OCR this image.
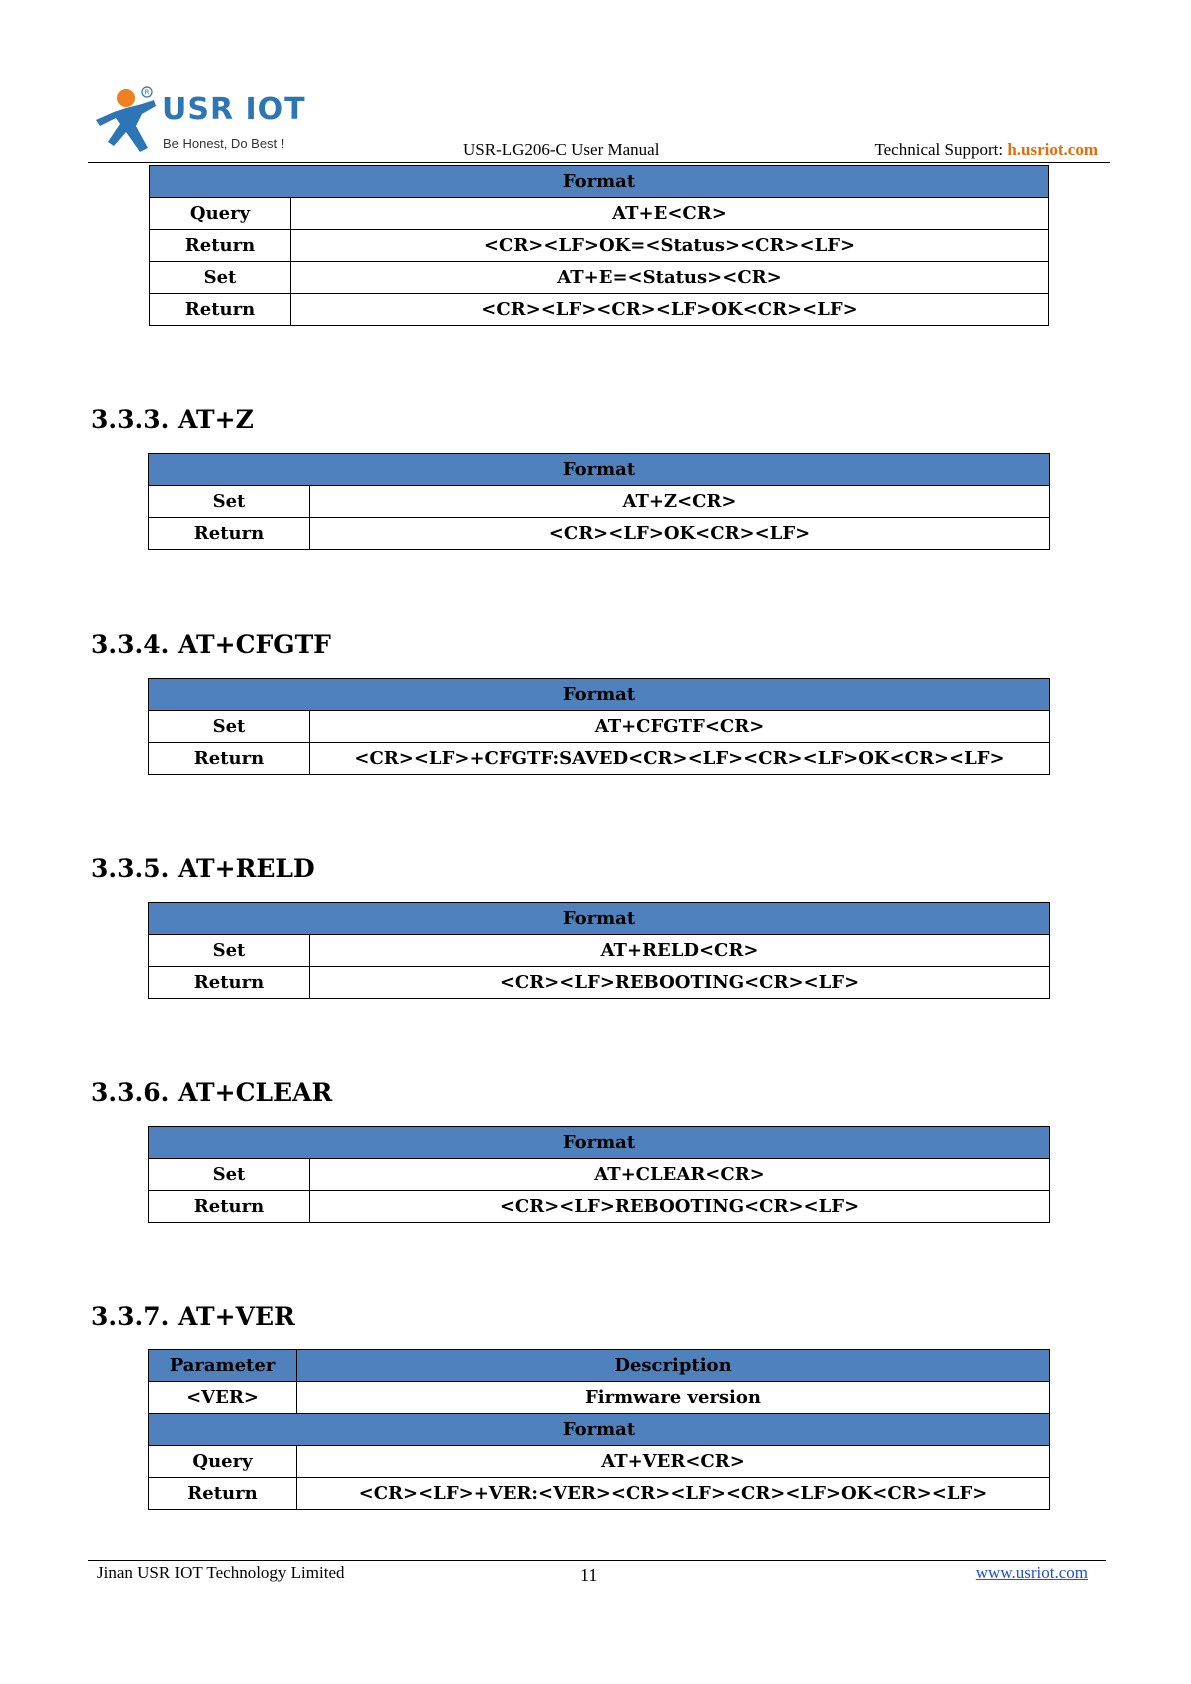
R USR IOT
Be Honest, Do Best !	USR-LG206-C User Manual	Technical Support: h.usriot.com
Format	
Query	AT+E<CR>
Return	<CR><LF>OK=<Status><CR><LF>
Set	AT+E=<Status><CR>
Return	<CR><LF><CR><LF>OK<CR><LF>
3.3.3. AT+Z
Format	
Set	AT+Z<CR>
Return	<CR><LF>OK<CR><LF>
3.3.4. AT+CFGTF
Format	
Set	AT+CFGTF<CR>
Return	<CR><LF>+CFGTF:SAVED<CR><LF><CR><LF>OK<CR><LF>
3.3.5. AT+RELD
Format	
Set	AT+RELD<CR>
Return	<CR><LF>REBOOTING<CR><LF>
3.3.6. AT+CLEAR
Format	
Set	AT+CLEAR<CR>
Return	<CR><LF>REBOOTING<CR><LF>
3.3.7. AT+VER
Parameter	Description
<VER>	Firmware version
Format	
Query	AT+VER<CR>
Return	<CR><LF>+VER:<VER><CR><LF><CR><LF>OK<CR><LF>
Jinan USR IOT Technology Limited	11	www.usriot.com
